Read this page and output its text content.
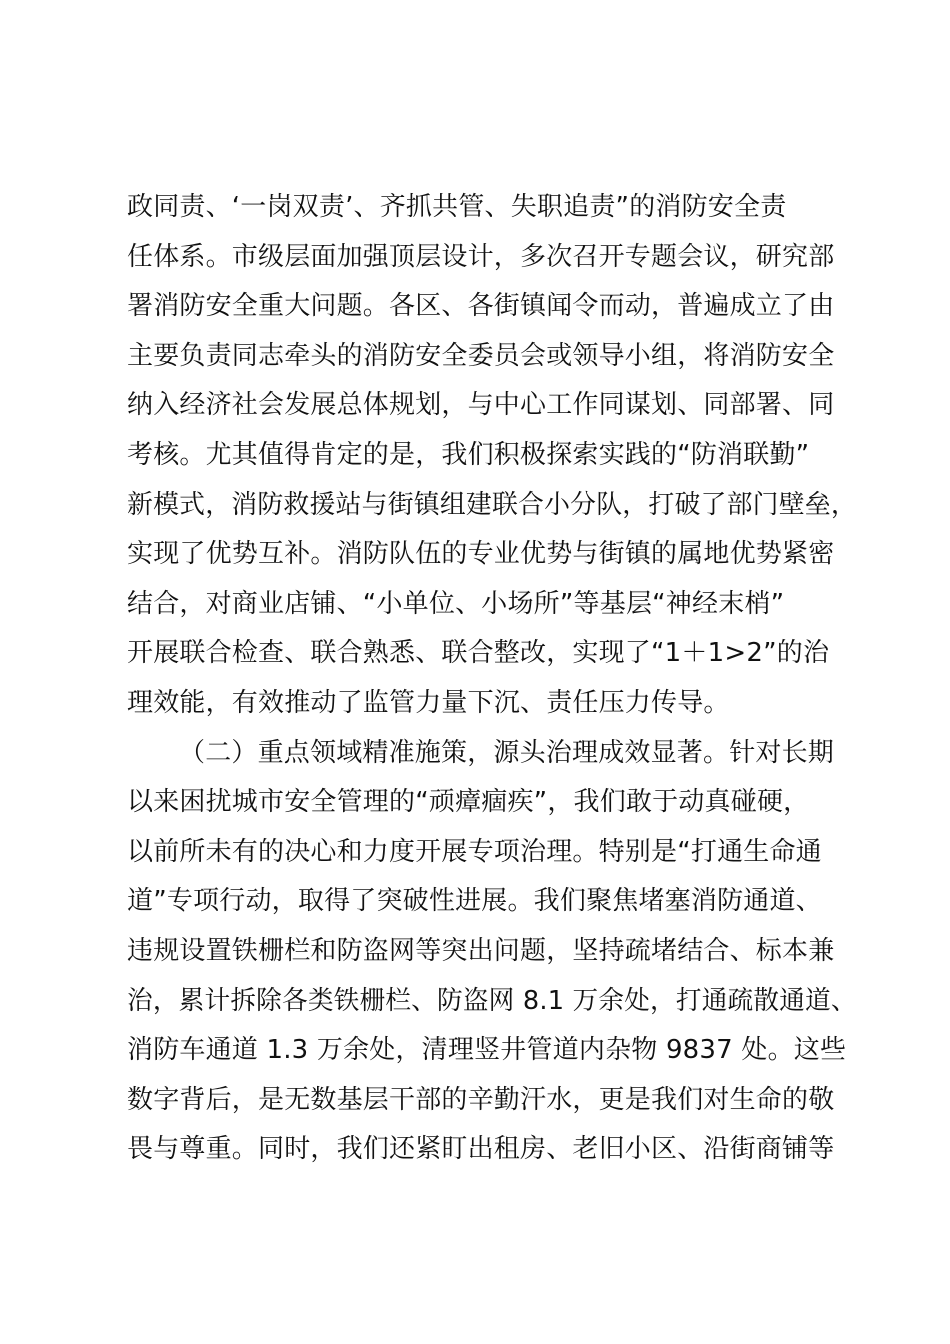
政同责、‘一岗双责’、齐抓共管、失职追责”的消防安全责
任体系。市级层面加强顶层设计，多次召开专题会议，研究部
署消防安全重大问题。各区、各街镇闻令而动，普遍成立了由
主要负责同志牵头的消防安全委员会或领导小组，将消防安全
纳入经济社会发展总体规划，与中心工作同谋划、同部署、同
考核。尤其值得肯定的是，我们积极探索实践的“防消联勤”
新模式，消防救援站与街镇组建联合小分队，打破了部门壁垒，
实现了优势互补。消防队伍的专业优势与街镇的属地优势紧密
结合，对商业店铺、“小单位、小场所”等基层“神经末梢”
开展联合检查、联合熟悉、联合整改，实现了“1＋1>2”的治
理效能，有效推动了监管力量下沉、责任压力传导。
（二）重点领域精准施策，源头治理成效显著。针对长期
以来困扰城市安全管理的“顽瘴痼疾”，我们敢于动真碰硬，
以前所未有的决心和力度开展专项治理。特别是“打通生命通
道”专项行动，取得了突破性进展。我们聚焦堵塞消防通道、
违规设置铁栅栏和防盗网等突出问题，坚持疏堵结合、标本兼
治，累计拆除各类铁栅栏、防盗网 8.1 万余处，打通疏散通道、
消防车通道 1.3 万余处，清理竖井管道内杂物 9837 处。这些
数字背后，是无数基层干部的辛勤汗水，更是我们对生命的敬
畏与尊重。同时，我们还紧盯出租房、老旧小区、沿街商铺等
